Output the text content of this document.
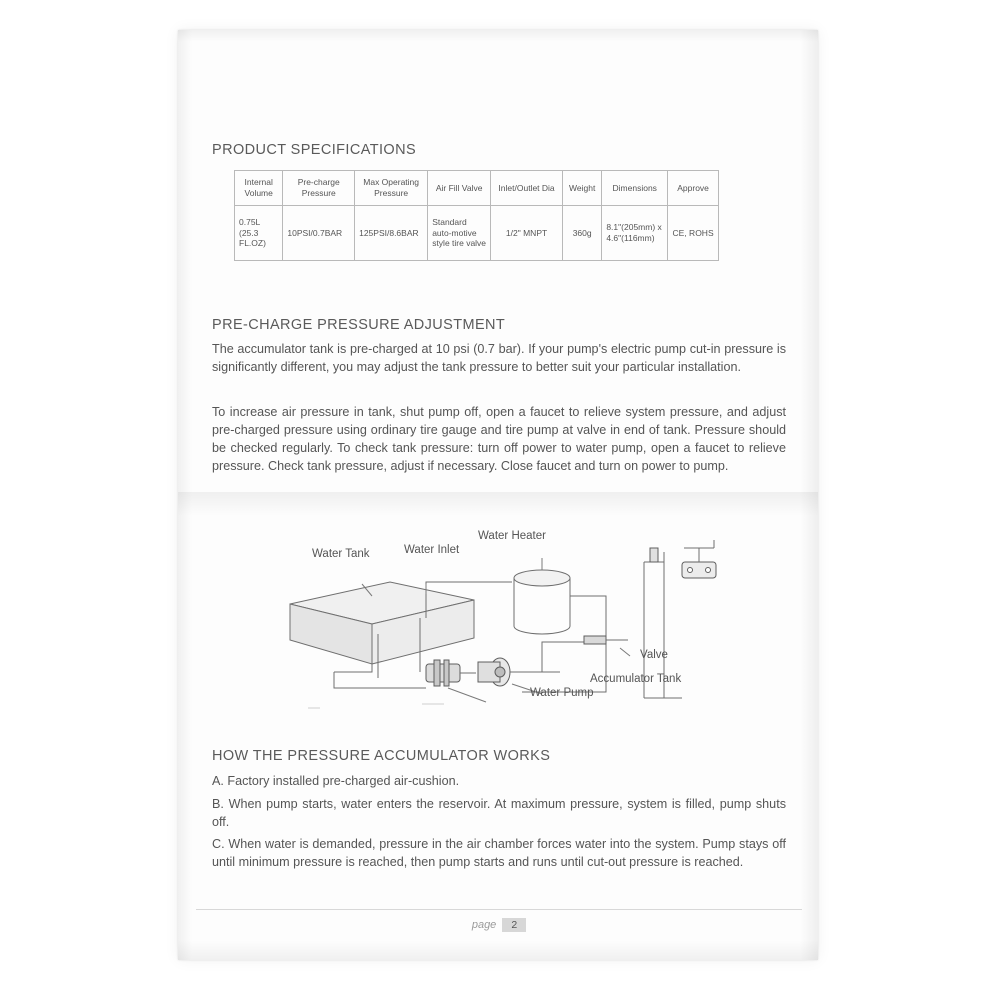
PRODUCT SPECIFICATIONS
Internal Volume	Pre-charge Pressure	Max Operating Pressure	Air Fill Valve	Inlet/Outlet Dia	Weight	Dimensions	Approve
0.75L (25.3 FL.OZ)	10PSI/0.7BAR	125PSI/8.6BAR	Standard auto-motive style tire valve	1/2" MNPT	360g	8.1"(205mm) x 4.6"(116mm)	CE, ROHS
PRE-CHARGE PRESSURE ADJUSTMENT

The accumulator tank is pre-charged at 10 psi (0.7 bar). If your pump's electric pump cut-in pressure is significantly different, you may adjust the tank pressure to better suit your particular installation.

To increase air pressure in tank, shut pump off, open a faucet to relieve system pressure, and adjust pre-charged pressure using ordinary tire gauge and tire pump at valve in end of tank. Pressure should be checked regularly. To check tank pressure: turn off power to water pump, open a faucet to relieve pressure. Check tank pressure, adjust if necessary. Close faucet and turn on power to pump.

Water Tank	Water Inlet
Water Heater
Valve
Accumulator Tank
Water Pump
HOW THE PRESSURE ACCUMULATOR WORKS

A. Factory installed pre-charged air-cushion.

B. When pump starts, water enters the reservoir. At maximum pressure, system is filled, pump shuts off.

C. When water is demanded, pressure in the air chamber forces water into the system. Pump stays off until minimum pressure is reached, then pump starts and runs until cut-out pressure is reached.

page 2
